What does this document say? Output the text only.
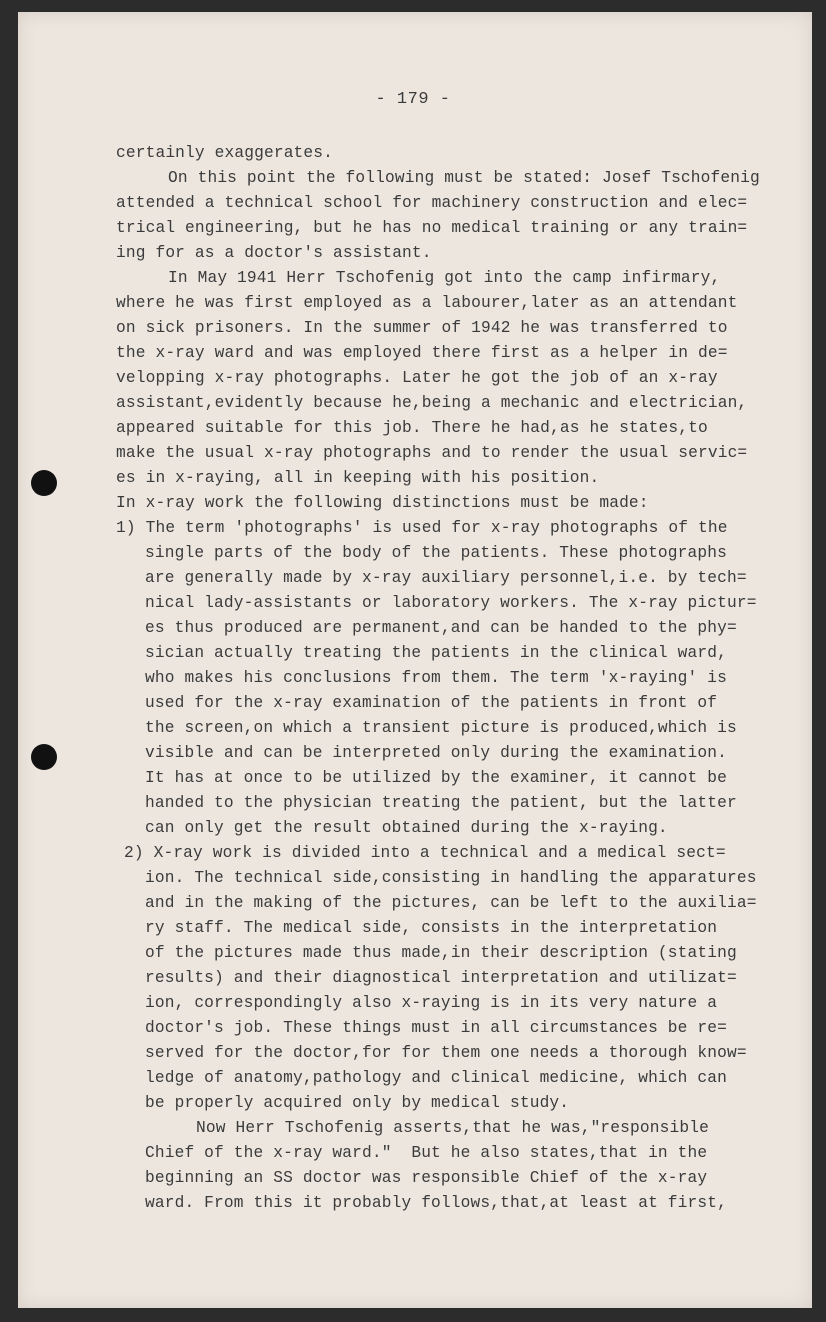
- 179 -
certainly exaggerates.
On this point the following must be stated: Josef Tschofenig
attended a technical school for machinery construction and elec=
trical engineering, but he has no medical training or any train=
ing for as a doctor's assistant.
In May 1941 Herr Tschofenig got into the camp infirmary,
where he was first employed as a labourer,later as an attendant
on sick prisoners. In the summer of 1942 he was transferred to
the x-ray ward and was employed there first as a helper in de=
velopping x-ray photographs. Later he got the job of an x-ray
assistant,evidently because he,being a mechanic and electrician,
appeared suitable for this job. There he had,as he states,to
make the usual x-ray photographs and to render the usual servic=
es in x-raying, all in keeping with his position.
In x-ray work the following distinctions must be made:
1) The term 'photographs' is used for x-ray photographs of the
single parts of the body of the patients. These photographs
are generally made by x-ray auxiliary personnel,i.e. by tech=
nical lady-assistants or laboratory workers. The x-ray pictur=
es thus produced are permanent,and can be handed to the phy=
sician actually treating the patients in the clinical ward,
who makes his conclusions from them. The term 'x-raying' is
used for the x-ray examination of the patients in front of
the screen,on which a transient picture is produced,which is
visible and can be interpreted only during the examination.
It has at once to be utilized by the examiner, it cannot be
handed to the physician treating the patient, but the latter
can only get the result obtained during the x-raying.
2) X-ray work is divided into a technical and a medical sect=
ion. The technical side,consisting in handling the apparatures
and in the making of the pictures, can be left to the auxilia=
ry staff. The medical side, consists in the interpretation
of the pictures made thus made,in their description (stating
results) and their diagnostical interpretation and utilizat=
ion, correspondingly also x-raying is in its very nature a
doctor's job. These things must in all circumstances be re=
served for the doctor,for for them one needs a thorough know=
ledge of anatomy,pathology and clinical medicine, which can
be properly acquired only by medical study.
Now Herr Tschofenig asserts,that he was,"responsible
Chief of the x-ray ward."  But he also states,that in the
beginning an SS doctor was responsible Chief of the x-ray
ward. From this it probably follows,that,at least at first,
